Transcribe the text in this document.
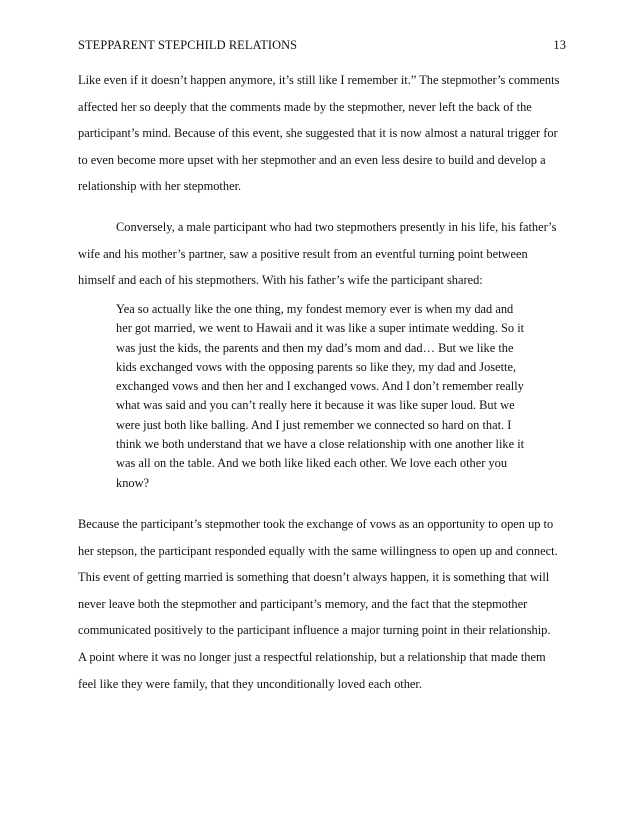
STEPPARENT STEPCHILD RELATIONS	13
Like even if it doesn’t happen anymore, it’s still like I remember it.” The stepmother’s comments
affected her so deeply that the comments made by the stepmother, never left the back of the
participant’s mind. Because of this event, she suggested that it is now almost a natural trigger for
to even become more upset with her stepmother and an even less desire to build and develop a
relationship with her stepmother.
Conversely, a male participant who had two stepmothers presently in his life, his father’s
wife and his mother’s partner, saw a positive result from an eventful turning point between
himself and each of his stepmothers. With his father’s wife the participant shared:
Yea so actually like the one thing, my fondest memory ever is when my dad and
her got married, we went to Hawaii and it was like a super intimate wedding. So it
was just the kids, the parents and then my dad’s mom and dad… But we like the
kids exchanged vows with the opposing parents so like they, my dad and Josette,
exchanged vows and then her and I exchanged vows. And I don’t remember really
what was said and you can’t really here it because it was like super loud. But we
were just both like balling. And I just remember we connected so hard on that. I
think we both understand that we have a close relationship with one another like it
was all on the table. And we both like liked each other. We love each other you
know?
Because the participant’s stepmother took the exchange of vows as an opportunity to open up to
her stepson, the participant responded equally with the same willingness to open up and connect.
This event of getting married is something that doesn’t always happen, it is something that will
never leave both the stepmother and participant’s memory, and the fact that the stepmother
communicated positively to the participant influence a major turning point in their relationship.
A point where it was no longer just a respectful relationship, but a relationship that made them
feel like they were family, that they unconditionally loved each other.
